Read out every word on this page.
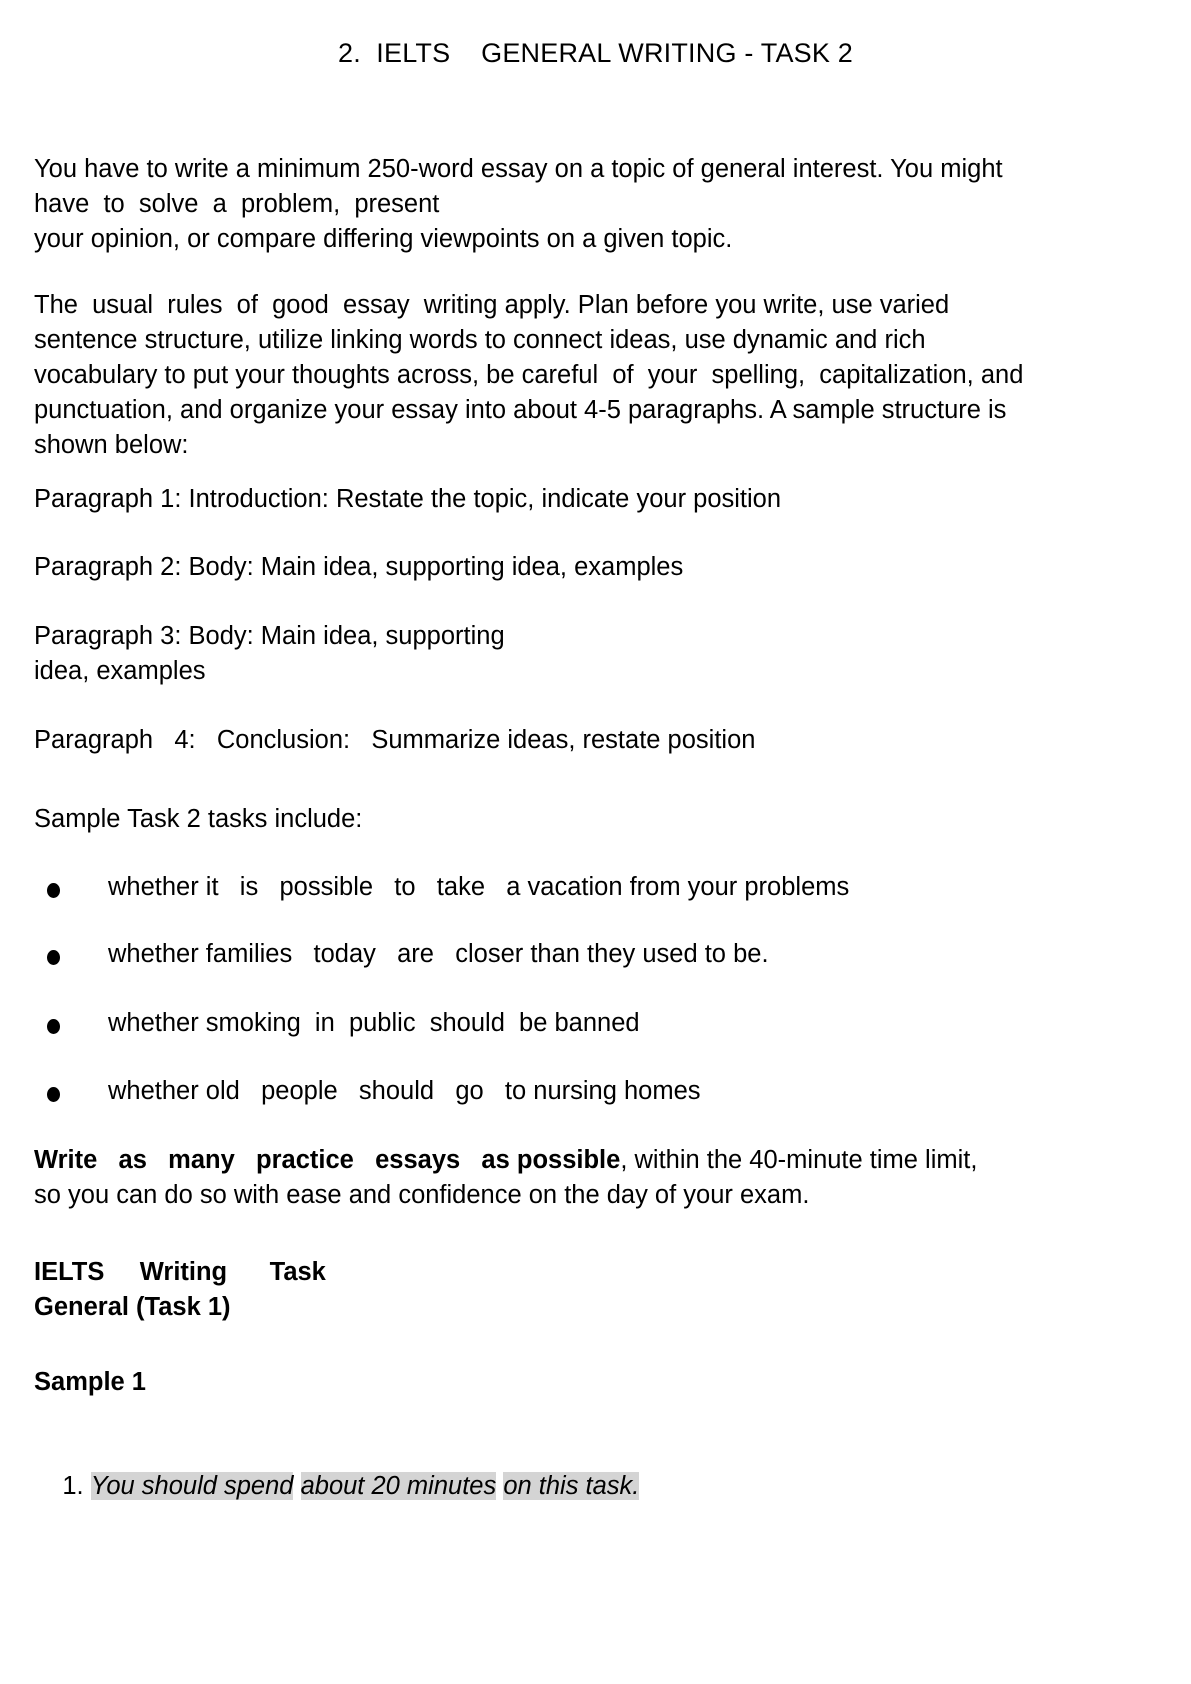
2.  IELTS    GENERAL WRITING - TASK 2
You have to write a minimum 250-word essay on a topic of general interest. You might
have  to  solve  a  problem,  present
your opinion, or compare differing viewpoints on a given topic.
The  usual  rules  of  good  essay  writing apply. Plan before you write, use varied
sentence structure, utilize linking words to connect ideas, use dynamic and rich
vocabulary to put your thoughts across, be careful  of  your  spelling,  capitalization, and
punctuation, and organize your essay into about 4-5 paragraphs. A sample structure is
shown below:
Paragraph 1: Introduction: Restate the topic, indicate your position
Paragraph 2: Body: Main idea, supporting idea, examples
Paragraph 3: Body: Main idea, supporting
idea, examples
Paragraph   4:   Conclusion:   Summarize ideas, restate position
Sample Task 2 tasks include:
whether it   is   possible   to   take   a vacation from your problems
whether families   today   are   closer than they used to be.
whether smoking  in  public  should  be banned
whether old   people   should   go   to nursing homes
Write   as   many   practice   essays   as possible, within the 40-minute time limit,
so you can do so with ease and confidence on the day of your exam.
IELTS     Writing      Task
General (Task 1)
Sample 1

1. You should spend about 20 minutes on this task.
